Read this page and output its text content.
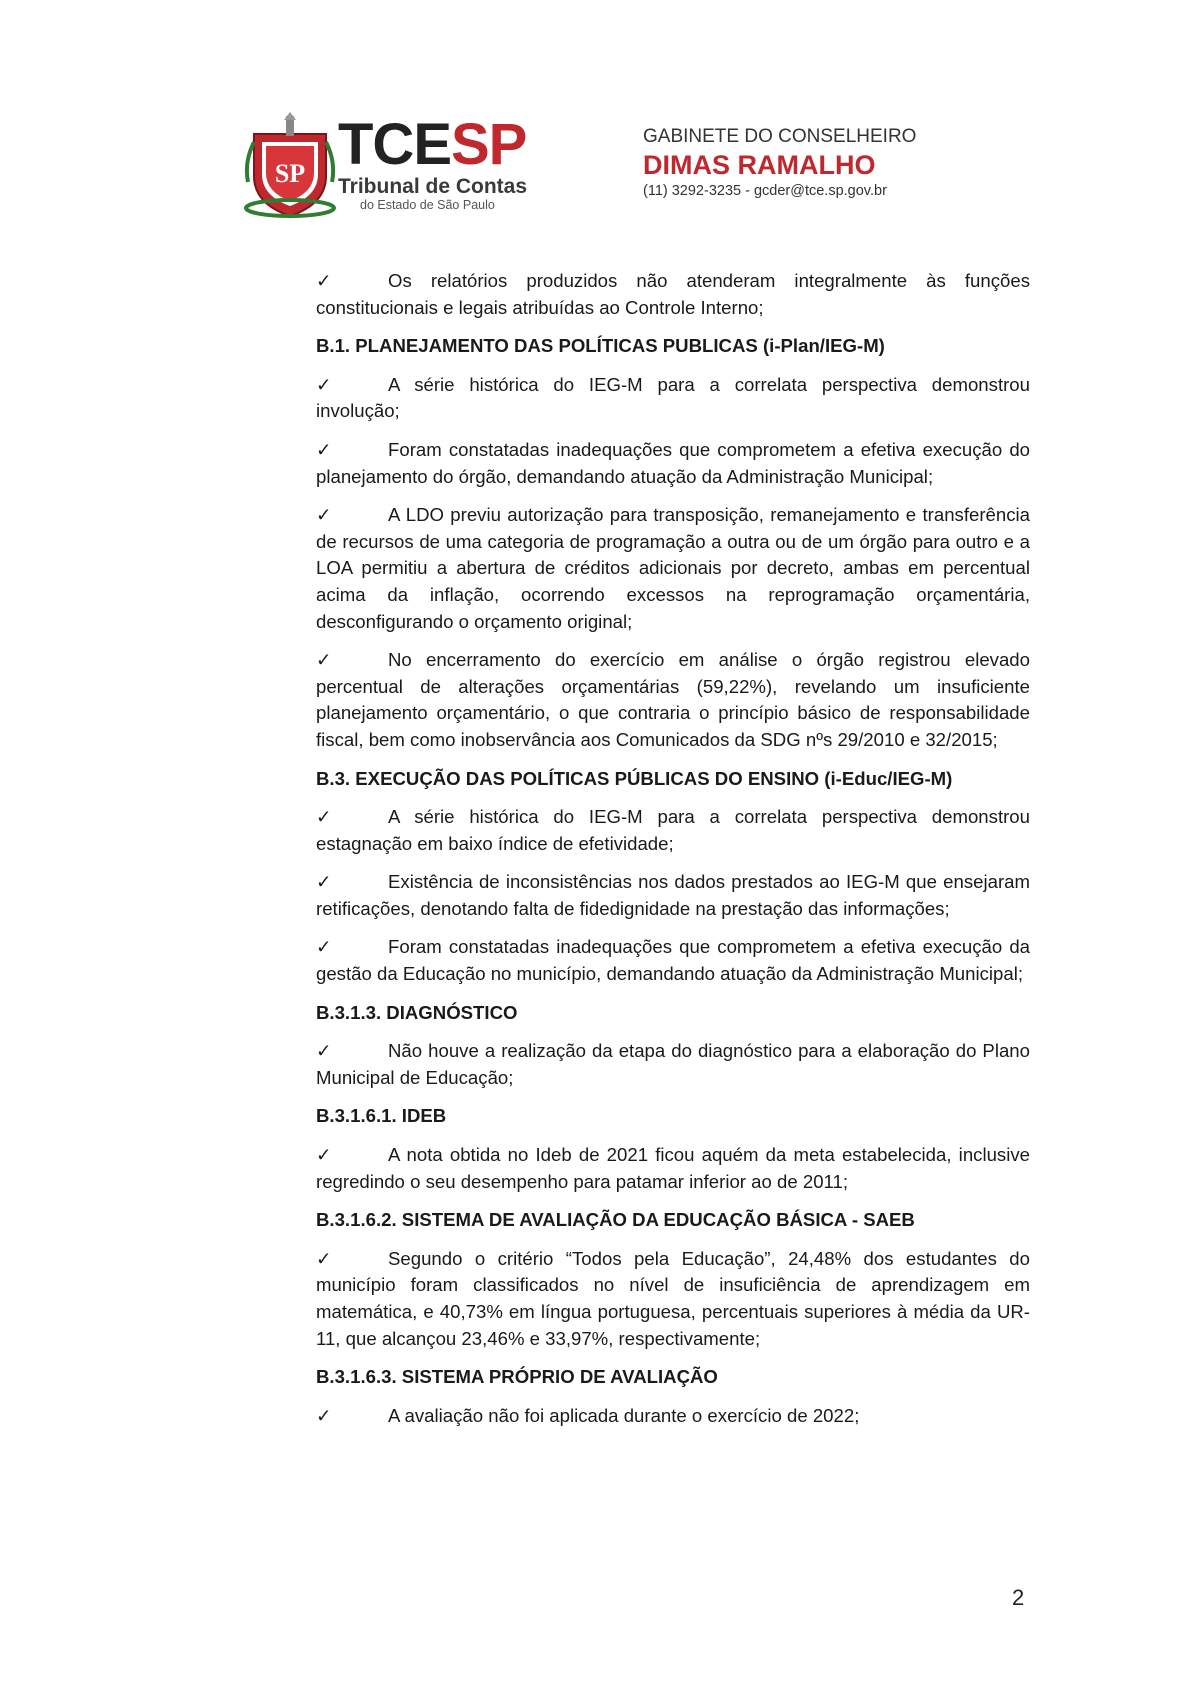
SP TCESP
Tribunal de Contas
do Estado de São Paulo
GABINETE DO CONSELHEIRO
DIMAS RAMALHO
(11) 3292-3235 - gcder@tce.sp.gov.br

✓	Os relatórios produzidos não atenderam integralmente às funções constitucionais e legais atribuídas ao Controle Interno;

B.1. PLANEJAMENTO DAS POLÍTICAS PUBLICAS (i-Plan/IEG-M)

✓	A série histórica do IEG-M para a correlata perspectiva demonstrou involução;

✓	Foram constatadas inadequações que comprometem a efetiva execução do planejamento do órgão, demandando atuação da Administração Municipal;

✓	A LDO previu autorização para transposição, remanejamento e transferência de recursos de uma categoria de programação a outra ou de um órgão para outro e a LOA permitiu a abertura de créditos adicionais por decreto, ambas em percentual acima da inflação, ocorrendo excessos na reprogramação orçamentária, desconfigurando o orçamento original;

✓	No encerramento do exercício em análise o órgão registrou elevado percentual de alterações orçamentárias (59,22%), revelando um insuficiente planejamento orçamentário, o que contraria o princípio básico de responsabilidade fiscal, bem como inobservância aos Comunicados da SDG nºs 29/2010 e 32/2015;

B.3. EXECUÇÃO DAS POLÍTICAS PÚBLICAS DO ENSINO (i-Educ/IEG-M)

✓	A série histórica do IEG-M para a correlata perspectiva demonstrou estagnação em baixo índice de efetividade;

✓	Existência de inconsistências nos dados prestados ao IEG-M que ensejaram retificações, denotando falta de fidedignidade na prestação das informações;

✓	Foram constatadas inadequações que comprometem a efetiva execução da gestão da Educação no município, demandando atuação da Administração Municipal;

B.3.1.3. DIAGNÓSTICO

✓	Não houve a realização da etapa do diagnóstico para a elaboração do Plano Municipal de Educação;

B.3.1.6.1. IDEB

✓	A nota obtida no Ideb de 2021 ficou aquém da meta estabelecida, inclusive regredindo o seu desempenho para patamar inferior ao de 2011;

B.3.1.6.2. SISTEMA DE AVALIAÇÃO DA EDUCAÇÃO BÁSICA - SAEB

✓	Segundo o critério “Todos pela Educação”, 24,48% dos estudantes do município foram classificados no nível de insuficiência de aprendizagem em matemática, e 40,73% em língua portuguesa, percentuais superiores à média da UR-11, que alcançou 23,46% e 33,97%, respectivamente;

B.3.1.6.3. SISTEMA PRÓPRIO DE AVALIAÇÃO

✓	A avaliação não foi aplicada durante o exercício de 2022;

2
